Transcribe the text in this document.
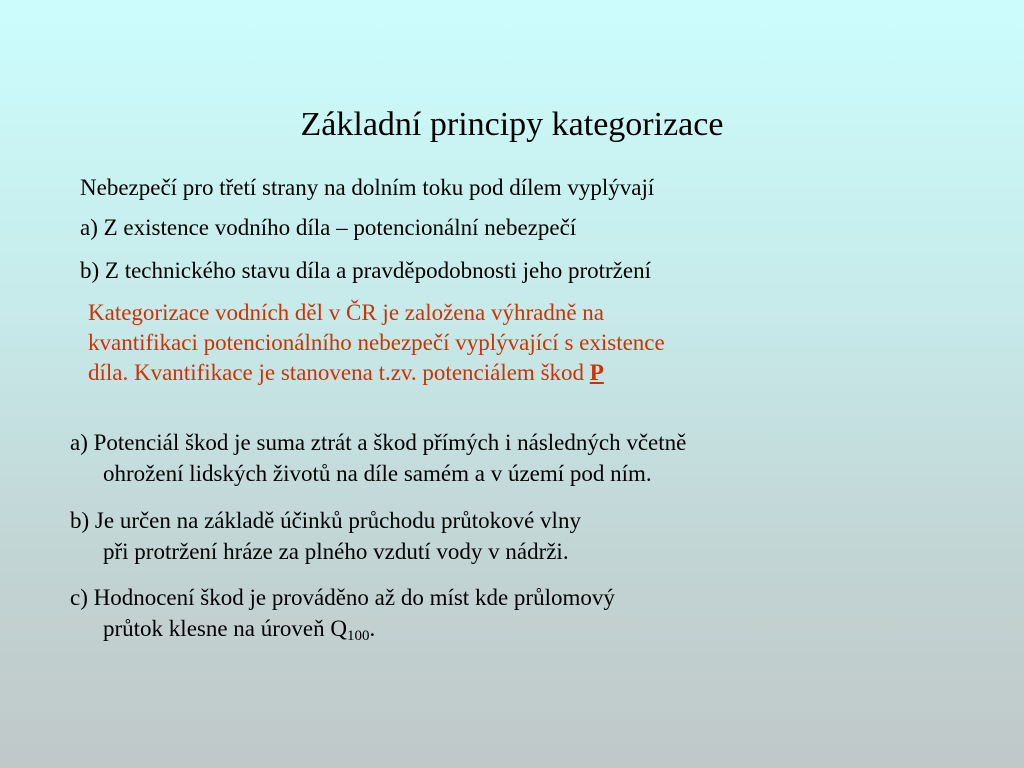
Základní principy kategorizace
Nebezpečí pro třetí strany na dolním toku pod dílem vyplývají
a) Z existence vodního díla – potencionální nebezpečí
b) Z technického stavu díla a pravděpodobnosti jeho protržení
Kategorizace vodních děl v ČR je založena výhradně na
kvantifikaci potencionálního nebezpečí vyplývající s existence
díla. Kvantifikace je stanovena t.zv. potenciálem škod P
a) Potenciál škod je suma ztrát a škod přímých i následných včetně
ohrožení lidských životů na díle samém a v území pod ním.
b) Je určen na základě účinků průchodu průtokové vlny
při protržení hráze za plného vzdutí vody v nádrži.
c) Hodnocení škod je prováděno až do míst kde průlomový
průtok klesne na úroveň $Q_{100}$.
